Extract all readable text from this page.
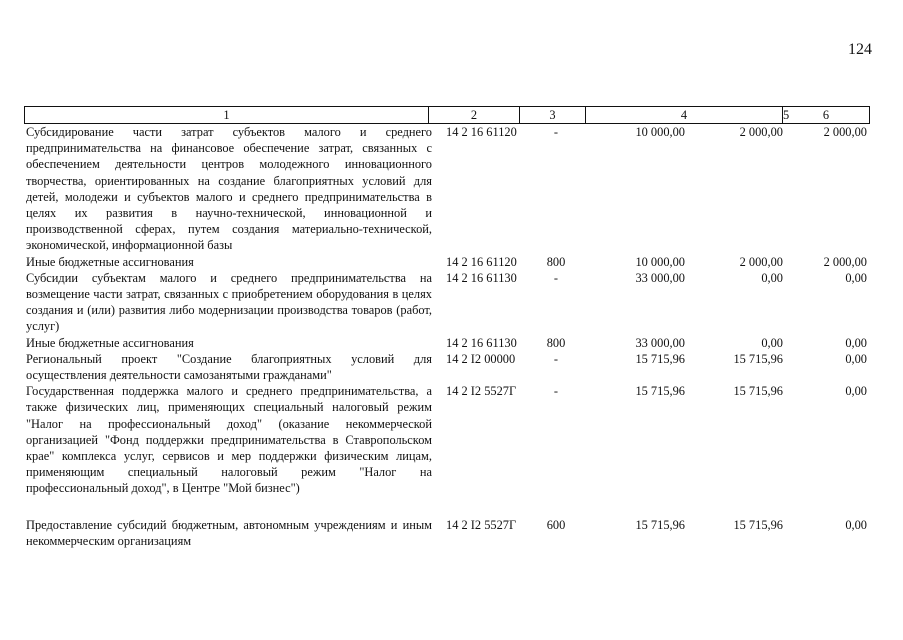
124
1	2	3	4	5	6
Субсидирование части затрат субъектов малого и среднего предпринимательства на финансовое обеспечение затрат, связанных с обеспечением деятельности центров молодежного инновационного творчества, ориентированных на создание благоприятных условий для детей, молодежи и субъектов малого и среднего предпринимательства в целях их развития в научно-технической, инновационной и производственной сферах, путем создания материально-технической, экономической, информационной базы	14 2 16 61120	-	10 000,00	2 000,00	2 000,00
Иные бюджетные ассигнования	14 2 16 61120	800	10 000,00	2 000,00	2 000,00
Субсидии субъектам малого и среднего предпринимательства на возмещение части затрат, связанных с приобретением оборудования в целях создания и (или) развития либо модернизации производства товаров (работ, услуг)	14 2 16 61130	-	33 000,00	0,00	0,00
Иные бюджетные ассигнования	14 2 16 61130	800	33 000,00	0,00	0,00
Региональный проект "Создание благоприятных условий для осуществления деятельности самозанятыми гражданами"	14 2 I2 00000	-	15 715,96	15 715,96	0,00
Государственная поддержка малого и среднего предпринимательства, а также физических лиц, применяющих специальный налоговый режим "Налог на профессиональный доход" (оказание некоммерческой организацией "Фонд поддержки предпринимательства в Ставропольском крае" комплекса услуг, сервисов и мер поддержки физическим лицам, применяющим специальный налоговый режим "Налог на профессиональный доход", в Центре "Мой бизнес")	14 2 I2 5527Г	-	15 715,96	15 715,96	0,00

Предоставление субсидий бюджетным, автономным учреждениям и иным некоммерческим организациям	14 2 I2 5527Г	600	15 715,96	15 715,96	0,00
